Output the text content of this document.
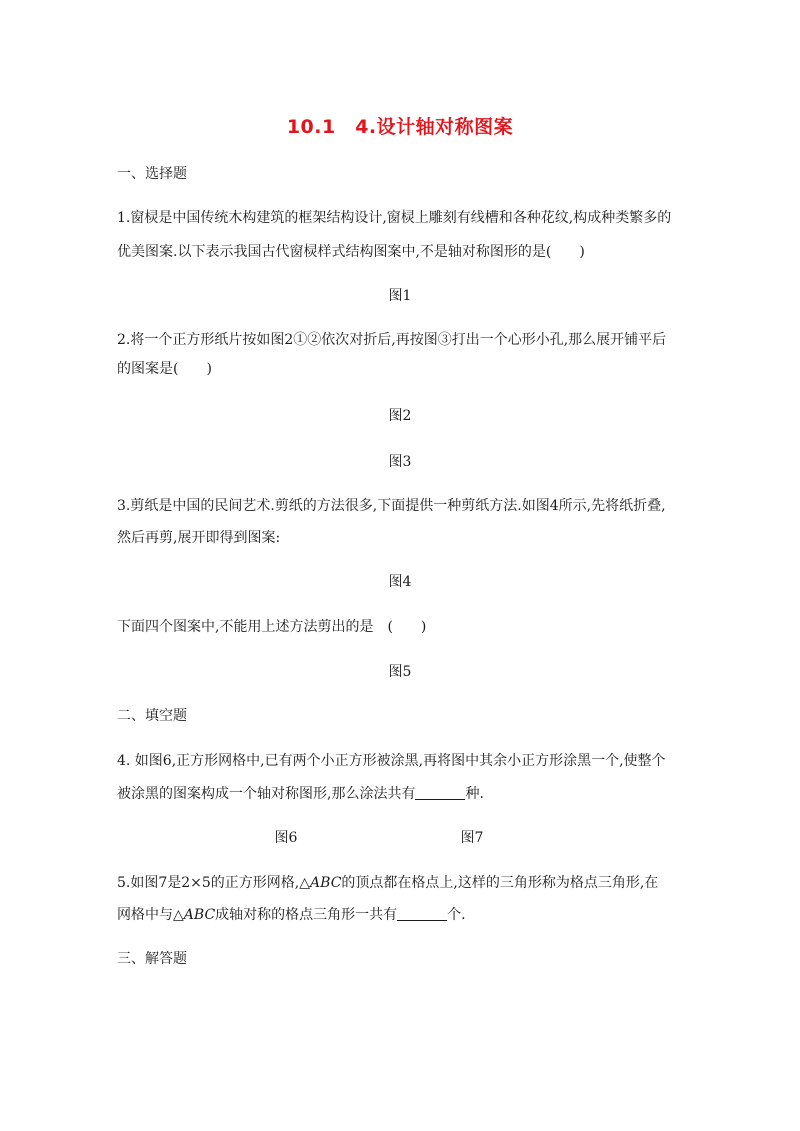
10.1　4.设计轴对称图案
一、选择题

1.窗棂是中国传统木构建筑的框架结构设计,窗棂上雕刻有线槽和各种花纹,构成种类繁多的

优美图案.以下表示我国古代窗棂样式结构图案中,不是轴对称图形的是(　　)

图1

2.将一个正方形纸片按如图2①②依次对折后,再按图③打出一个心形小孔,那么展开铺平后

的图案是(　　)

图2
图3

3.剪纸是中国的民间艺术.剪纸的方法很多,下面提供一种剪纸方法.如图4所示,先将纸折叠,

然后再剪,展开即得到图案:

图4

下面四个图案中,不能用上述方法剪出的是　(　　)

图5
二、填空题

4. 如图6,正方形网格中,已有两个小正方形被涂黑,再将图中其余小正方形涂黑一个,使整个

被涂黑的图案构成一个轴对称图形,那么涂法共有	种.

图6	图7

5.如图7是2×5的正方形网格,△ABC的顶点都在格点上,这样的三角形称为格点三角形,在

网格中与△ABC成轴对称的格点三角形一共有	个.

三、解答题
